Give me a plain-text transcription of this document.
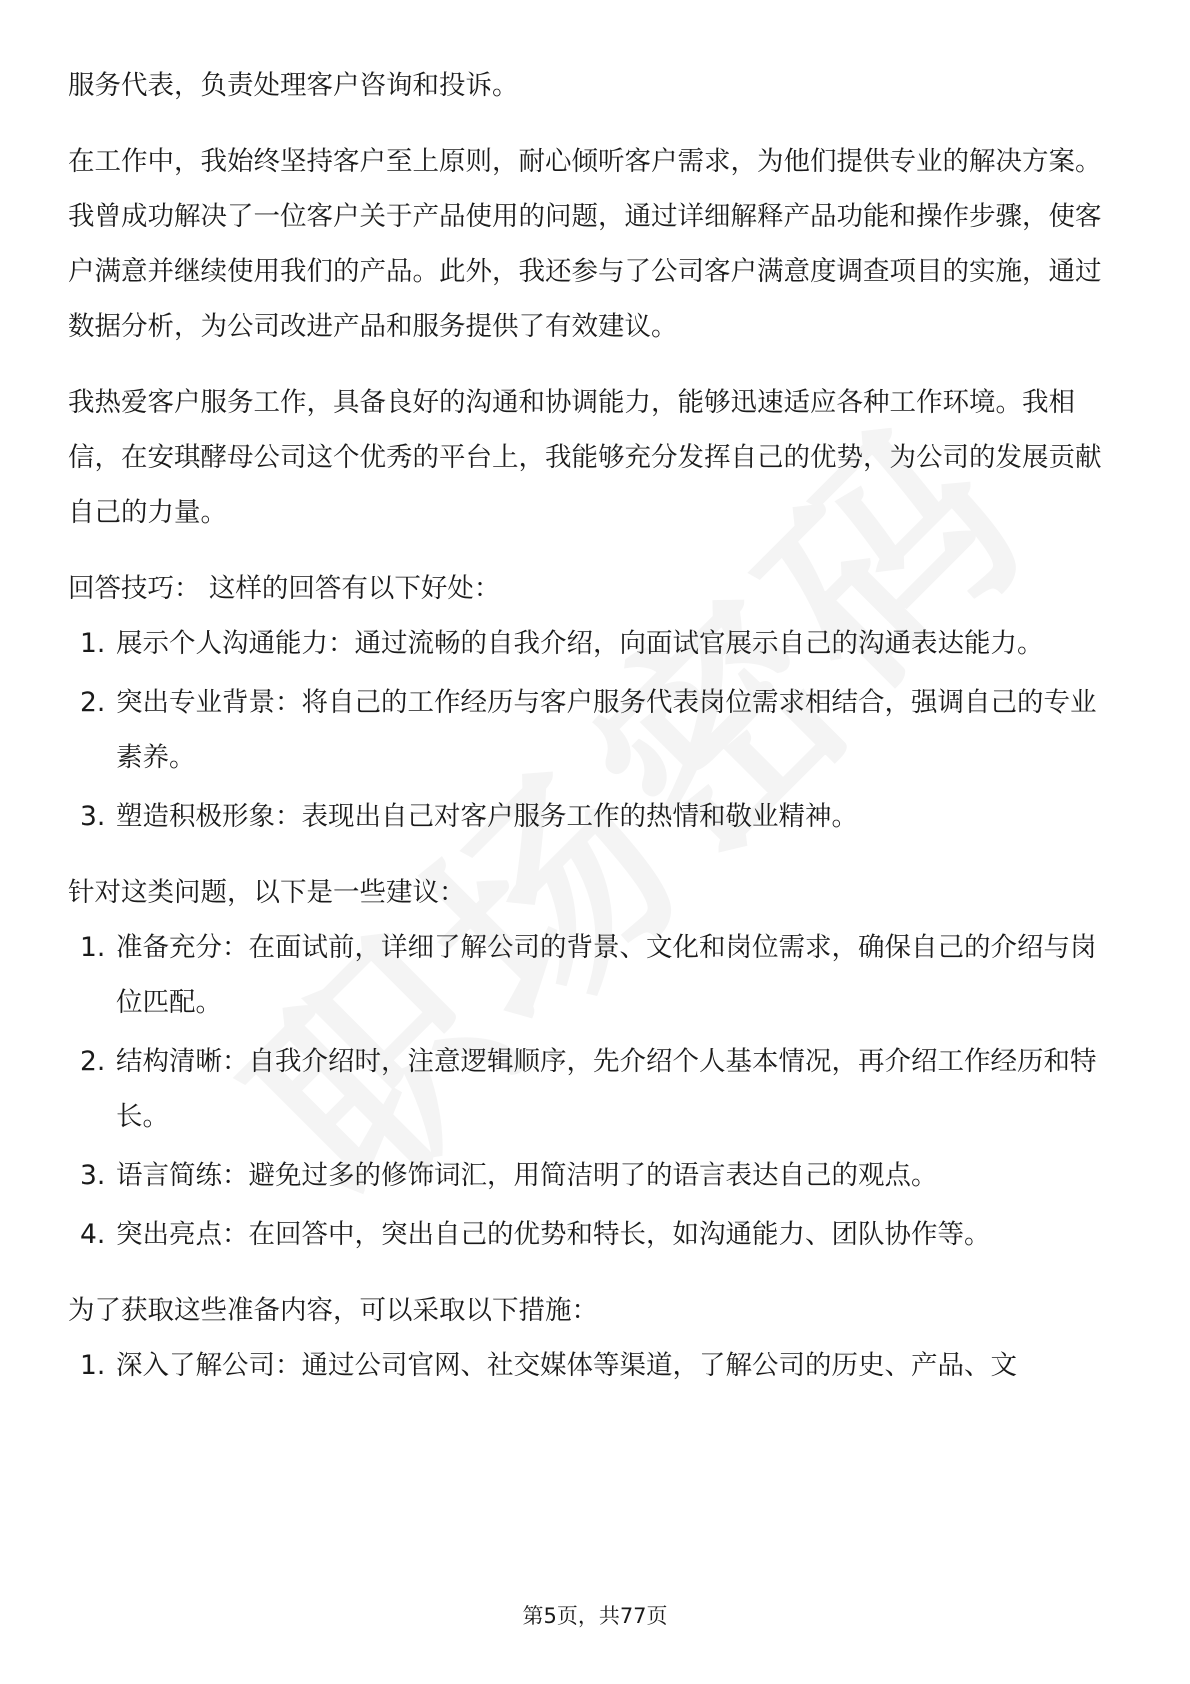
服务代表，负责处理客户咨询和投诉。

在工作中，我始终坚持客户至上原则，耐心倾听客户需求，为他们提供专业的解决方案。我曾成功解决了一位客户关于产品使用的问题，通过详细解释产品功能和操作步骤，使客户满意并继续使用我们的产品。此外，我还参与了公司客户满意度调查项目的实施，通过数据分析，为公司改进产品和服务提供了有效建议。

我热爱客户服务工作，具备良好的沟通和协调能力，能够迅速适应各种工作环境。我相信，在安琪酵母公司这个优秀的平台上，我能够充分发挥自己的优势，为公司的发展贡献自己的力量。

回答技巧： 这样的回答有以下好处：

1. 展示个人沟通能力：通过流畅的自我介绍，向面试官展示自己的沟通表达能力。
2. 突出专业背景：将自己的工作经历与客户服务代表岗位需求相结合，强调自己的专业素养。
3. 塑造积极形象：表现出自己对客户服务工作的热情和敬业精神。

针对这类问题，以下是一些建议：

1. 准备充分：在面试前，详细了解公司的背景、文化和岗位需求，确保自己的介绍与岗位匹配。
2. 结构清晰：自我介绍时，注意逻辑顺序，先介绍个人基本情况，再介绍工作经历和特长。
3. 语言简练：避免过多的修饰词汇，用简洁明了的语言表达自己的观点。
4. 突出亮点：在回答中，突出自己的优势和特长，如沟通能力、团队协作等。

为了获取这些准备内容，可以采取以下措施：

1. 深入了解公司：通过公司官网、社交媒体等渠道，了解公司的历史、产品、文
第5页，共77页
